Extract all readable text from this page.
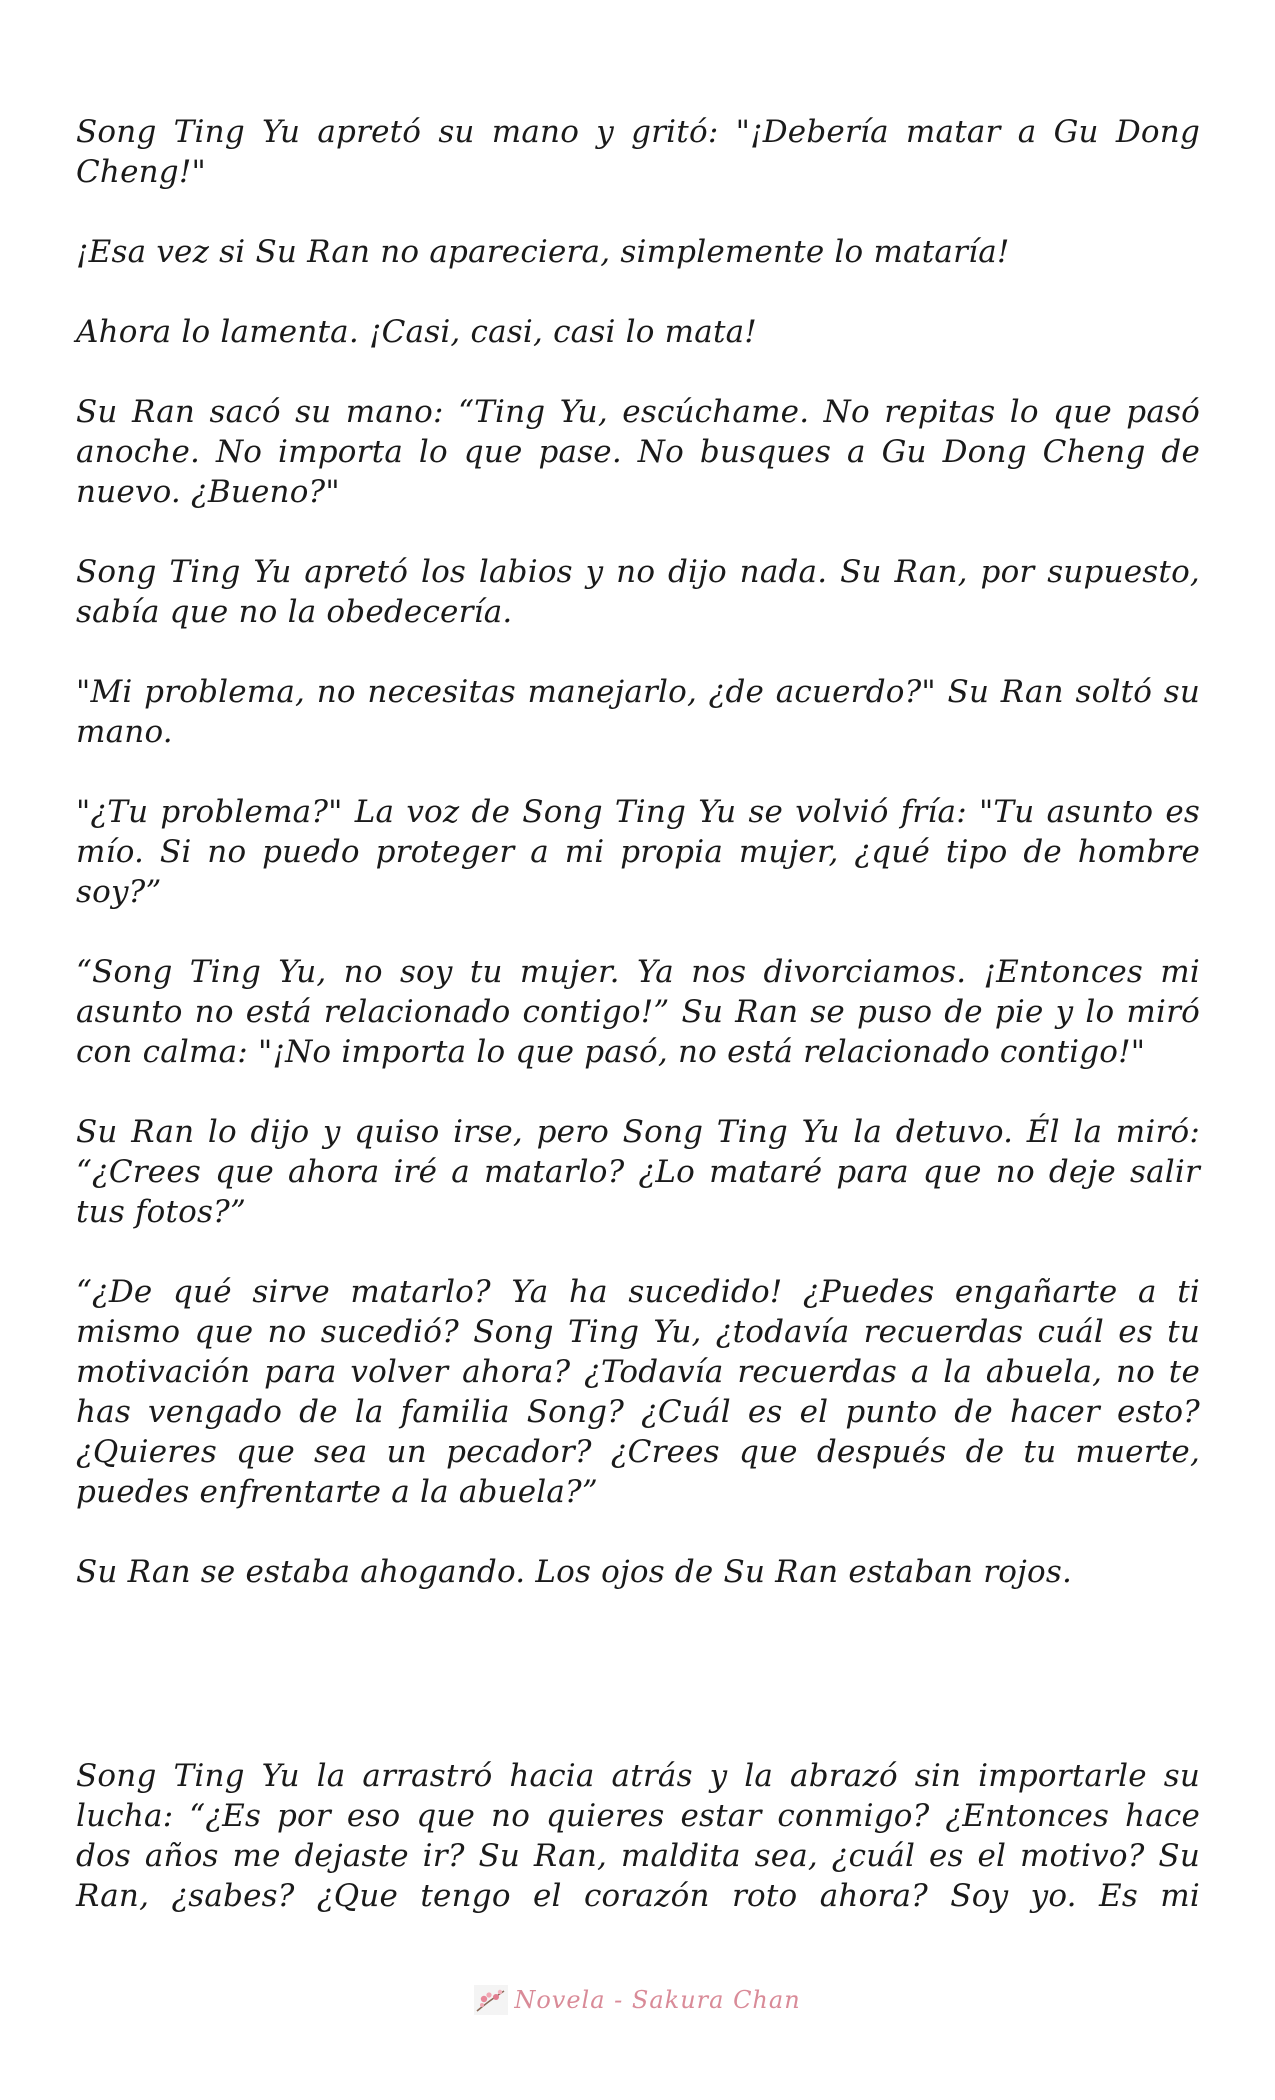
Song Ting Yu apretó su mano y gritó: "¡Debería matar a Gu Dong Cheng!"

¡Esa vez si Su Ran no apareciera, simplemente lo mataría!

Ahora lo lamenta. ¡Casi, casi, casi lo mata!

Su Ran sacó su mano: “Ting Yu, escúchame. No repitas lo que pasó anoche. No importa lo que pase. No busques a Gu Dong Cheng de nuevo. ¿Bueno?"

Song Ting Yu apretó los labios y no dijo nada. Su Ran, por supuesto, sabía que no la obedecería.

"Mi problema, no necesitas manejarlo, ¿de acuerdo?" Su Ran soltó su mano.

"¿Tu problema?" La voz de Song Ting Yu se volvió fría: "Tu asunto es mío. Si no puedo proteger a mi propia mujer, ¿qué tipo de hombre soy?”

“Song Ting Yu, no soy tu mujer. Ya nos divorciamos. ¡Entonces mi asunto no está relacionado contigo!” Su Ran se puso de pie y lo miró con calma: "¡No importa lo que pasó, no está relacionado contigo!"

Su Ran lo dijo y quiso irse, pero Song Ting Yu la detuvo. Él la miró: “¿Crees que ahora iré a matarlo? ¿Lo mataré para que no deje salir tus fotos?”

“¿De qué sirve matarlo? Ya ha sucedido! ¿Puedes engañarte a ti mismo que no sucedió? Song Ting Yu, ¿todavía recuerdas cuál es tu motivación para volver ahora? ¿Todavía recuerdas a la abuela, no te has vengado de la familia Song? ¿Cuál es el punto de hacer esto? ¿Quieres que sea un pecador? ¿Crees que después de tu muerte, puedes enfrentarte a la abuela?”

Su Ran se estaba ahogando. Los ojos de Su Ran estaban rojos.

Song Ting Yu la arrastró hacia atrás y la abrazó sin importarle su lucha: “¿Es por eso que no quieres estar conmigo? ¿Entonces hace dos años me dejaste ir? Su Ran, maldita sea, ¿cuál es el motivo? Su Ran, ¿sabes? ¿Que tengo el corazón roto ahora? Soy yo. Es mi

Novela - Sakura Chan
